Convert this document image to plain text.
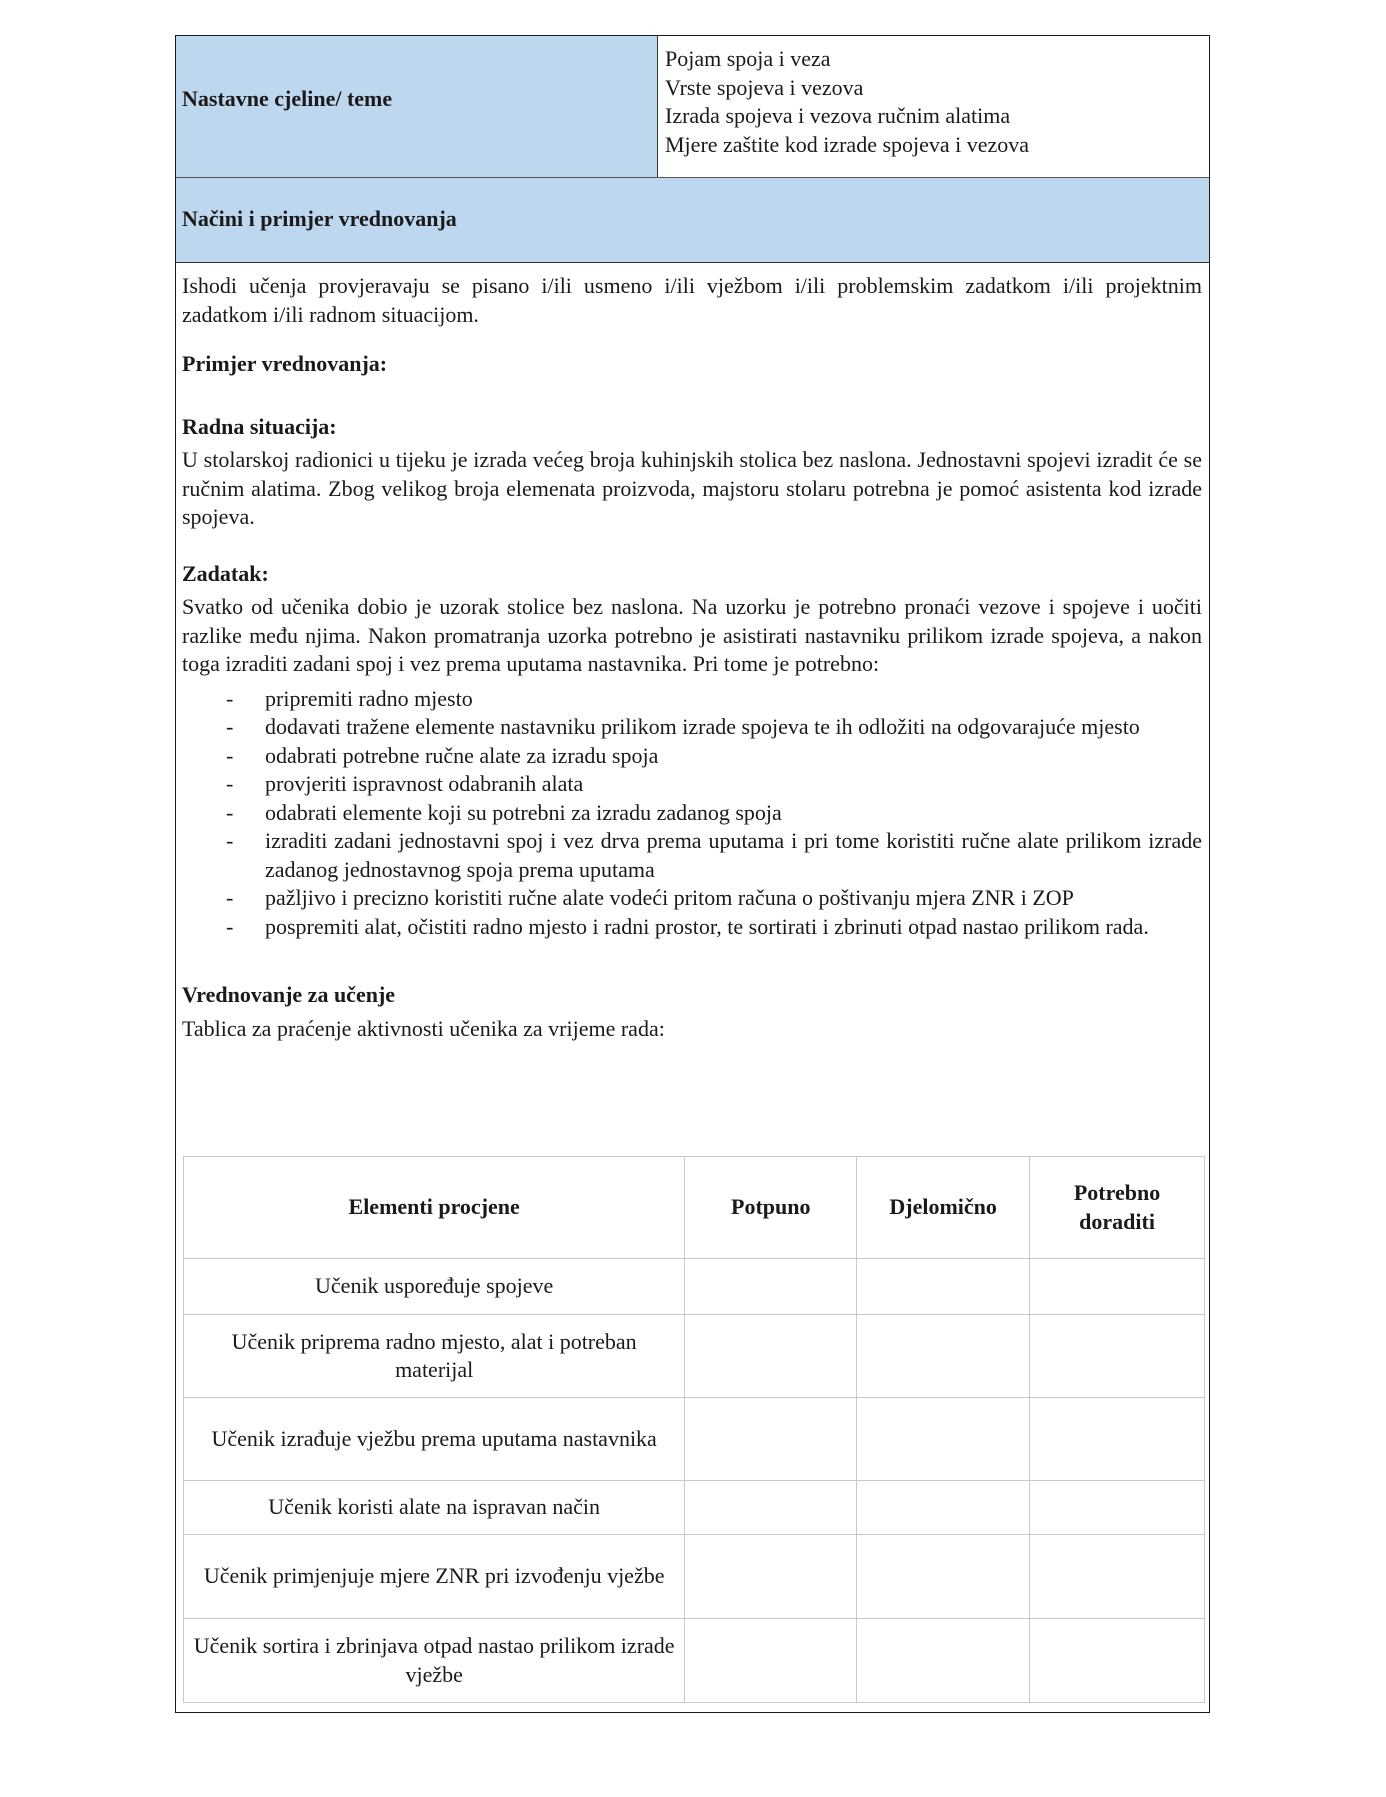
Nastavne cjeline/ teme
Pojam spoja i veza
Vrste spojeva i vezova
Izrada spojeva i vezova ručnim alatima
Mjere zaštite kod izrade spojeva i vezova
Načini i primjer vrednovanja

Ishodi učenja provjeravaju se pisano i/ili usmeno i/ili vježbom i/ili problemskim zadatkom i/ili projektnim zadatkom i/ili radnom situacijom.

Primjer vrednovanja:

Radna situacija:

U stolarskoj radionici u tijeku je izrada većeg broja kuhinjskih stolica bez naslona. Jednostavni spojevi izradit će se ručnim alatima. Zbog velikog broja elemenata proizvoda, majstoru stolaru potrebna je pomoć asistenta kod izrade spojeva.

Zadatak:

Svatko od učenika dobio je uzorak stolice bez naslona. Na uzorku je potrebno pronaći vezove i spojeve i uočiti razlike među njima. Nakon promatranja uzorka potrebno je asistirati nastavniku prilikom izrade spojeva, a nakon toga izraditi zadani spoj i vez prema uputama nastavnika. Pri tome je potrebno:

- pripremiti radno mjesto
- dodavati tražene elemente nastavniku prilikom izrade spojeva te ih odložiti na odgovarajuće mjesto
- odabrati potrebne ručne alate za izradu spoja
- provjeriti ispravnost odabranih alata
- odabrati elemente koji su potrebni za izradu zadanog spoja
- izraditi zadani jednostavni spoj i vez drva prema uputama i pri tome koristiti ručne alate prilikom izrade zadanog jednostavnog spoja prema uputama
- pažljivo i precizno koristiti ručne alate vodeći pritom računa o poštivanju mjera ZNR i ZOP
- pospremiti alat, očistiti radno mjesto i radni prostor, te sortirati i zbrinuti otpad nastao prilikom rada.

Vrednovanje za učenje

Tablica za praćenje aktivnosti učenika za vrijeme rada:

Elementi procjene	Potpuno	Djelomično	Potrebno doraditi
Učenik uspoređuje spojeve			
Učenik priprema radno mjesto, alat i potreban materijal			
Učenik izrađuje vježbu prema uputama nastavnika			
Učenik koristi alate na ispravan način			
Učenik primjenjuje mjere ZNR pri izvođenju vježbe			
Učenik sortira i zbrinjava otpad nastao prilikom izrade vježbe			
